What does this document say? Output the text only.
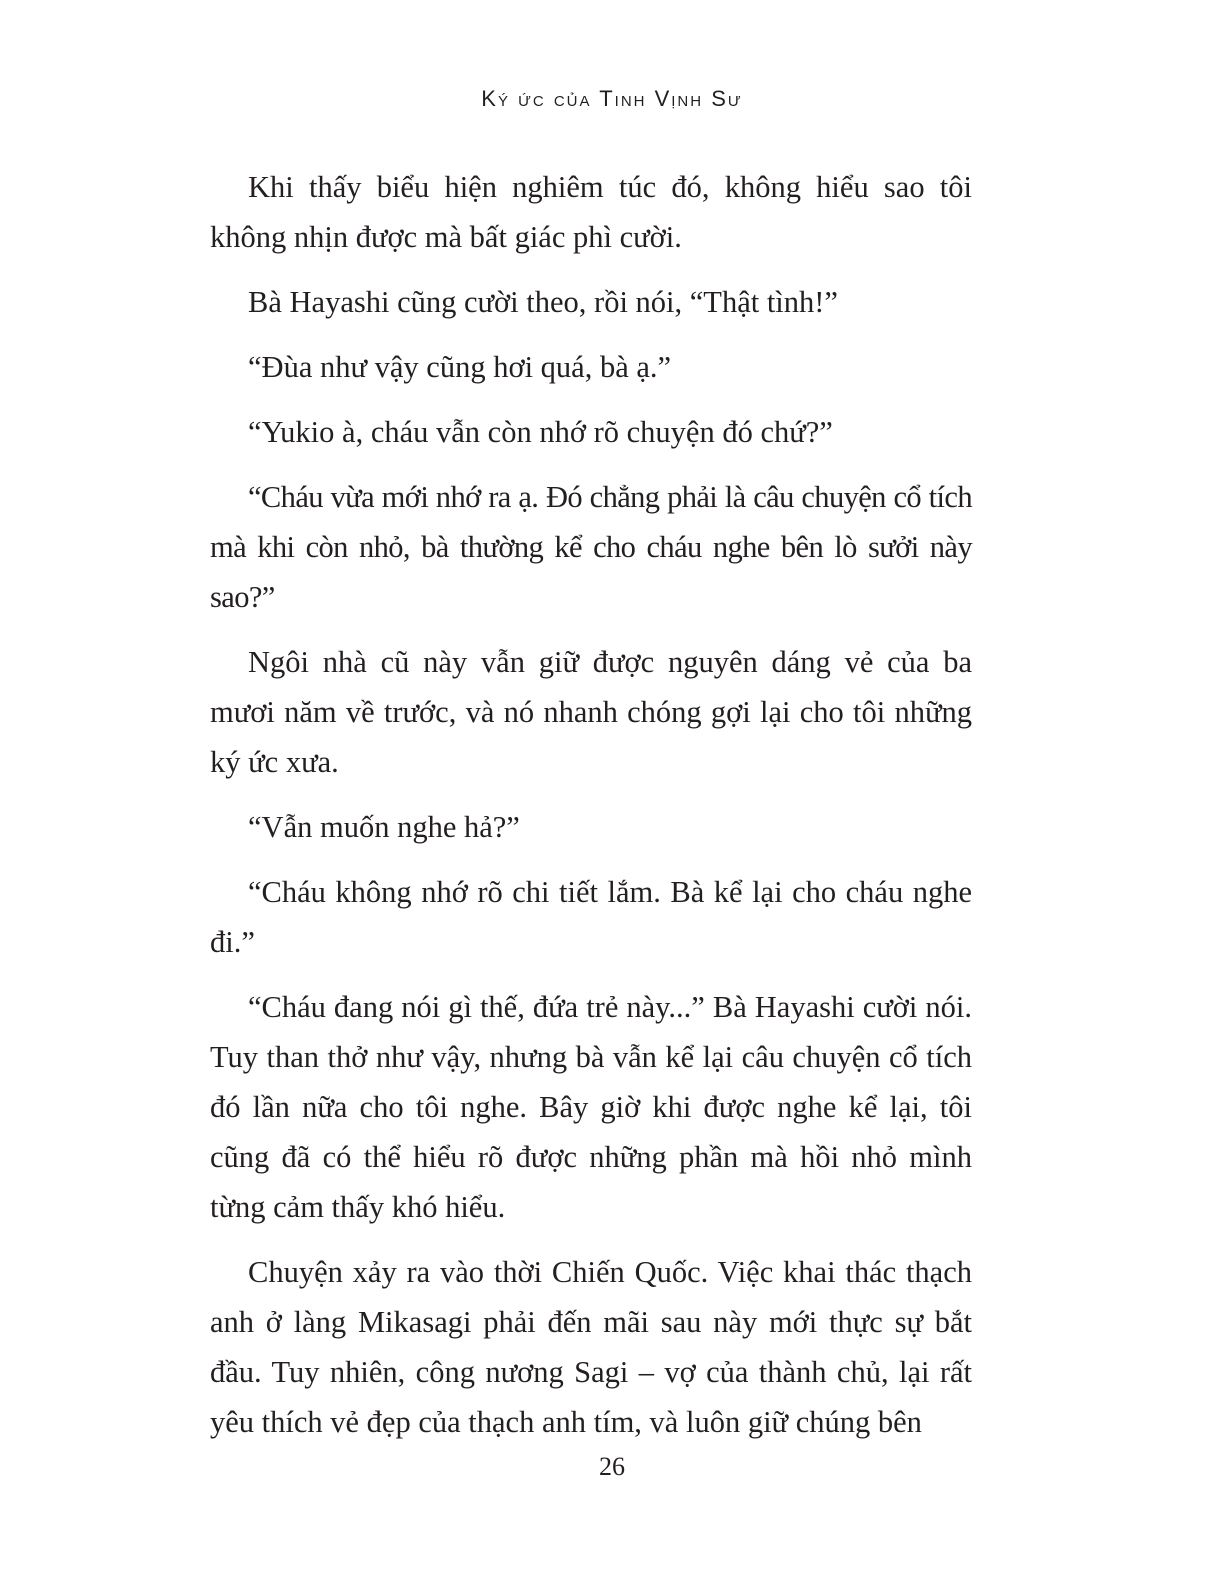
Ký ức của Tinh Vịnh Sư

Khi thấy biểu hiện nghiêm túc đó, không hiểu sao tôi không nhịn được mà bất giác phì cười.

Bà Hayashi cũng cười theo, rồi nói, “Thật tình!”

“Đùa như vậy cũng hơi quá, bà ạ.”

“Yukio à, cháu vẫn còn nhớ rõ chuyện đó chứ?”

“Cháu vừa mới nhớ ra ạ. Đó chẳng phải là câu chuyện cổ tích mà khi còn nhỏ, bà thường kể cho cháu nghe bên lò sưởi này sao?”

Ngôi nhà cũ này vẫn giữ được nguyên dáng vẻ của ba mươi năm về trước, và nó nhanh chóng gợi lại cho tôi những ký ức xưa.

“Vẫn muốn nghe hả?”

“Cháu không nhớ rõ chi tiết lắm. Bà kể lại cho cháu nghe đi.”

“Cháu đang nói gì thế, đứa trẻ này...” Bà Hayashi cười nói. Tuy than thở như vậy, nhưng bà vẫn kể lại câu chuyện cổ tích đó lần nữa cho tôi nghe. Bây giờ khi được nghe kể lại, tôi cũng đã có thể hiểu rõ được những phần mà hồi nhỏ mình từng cảm thấy khó hiểu.

Chuyện xảy ra vào thời Chiến Quốc. Việc khai thác thạch anh ở làng Mikasagi phải đến mãi sau này mới thực sự bắt đầu. Tuy nhiên, công nương Sagi – vợ của thành chủ, lại rất yêu thích vẻ đẹp của thạch anh tím, và luôn giữ chúng bên

26
